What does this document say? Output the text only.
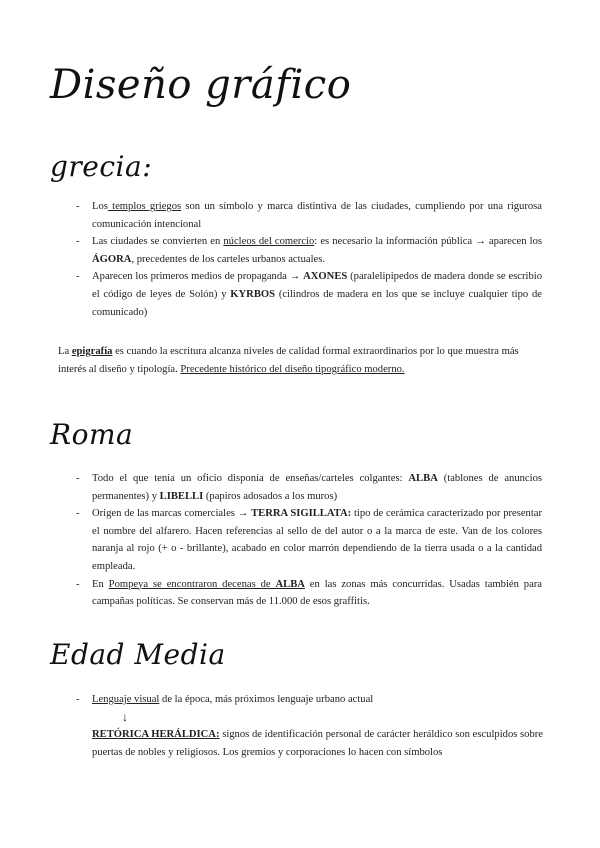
Diseño gráfico
grecia:
- Los templos griegos son un símbolo y marca distintiva de las ciudades, cumpliendo por una rigurosa comunicación intencional
- Las ciudades se convierten en núcleos del comercio: es necesario la información pública → aparecen los ÁGORA, precedentes de los carteles urbanos actuales.
- Aparecen los primeros medios de propaganda → AXONES (paralelipipedos de madera donde se escribio el código de leyes de Solón) y KYRBOS (cilindros de madera en los que se incluye cualquier tipo de comunicado)

La epigrafía es cuando la escritura alcanza niveles de calidad formal extraordinarios por lo que muestra más interés al diseño y tipología. Precedente histórico del diseño tipográfico moderno.

Roma
- Todo el que tenía un oficio disponía de enseñas/carteles colgantes: ALBA (tablones de anuncios permanentes) y LIBELLI (papiros adosados a los muros)
- Origen de las marcas comerciales → TERRA SIGILLATA: tipo de cerámica caracterizado por presentar el nombre del alfarero. Hacen referencias al sello de del autor o a la marca de este. Van de los colores naranja al rojo (+ o - brillante), acabado en color marrón dependiendo de la tierra usada o a la cantidad empleada.
- En Pompeya se encontraron decenas de ALBA en las zonas más concurridas. Usadas también para campañas políticas. Se conservan más de 11.000 de esos graffitis.
Edad Media
- Lenguaje visual de la época, más próximos lenguaje urbano actual
↓

RETÓRICA HERÁLDICA: signos de identificación personal de carácter heráldico son esculpidos sobre puertas de nobles y religiosos. Los gremios y corporaciones lo hacen con símbolos
